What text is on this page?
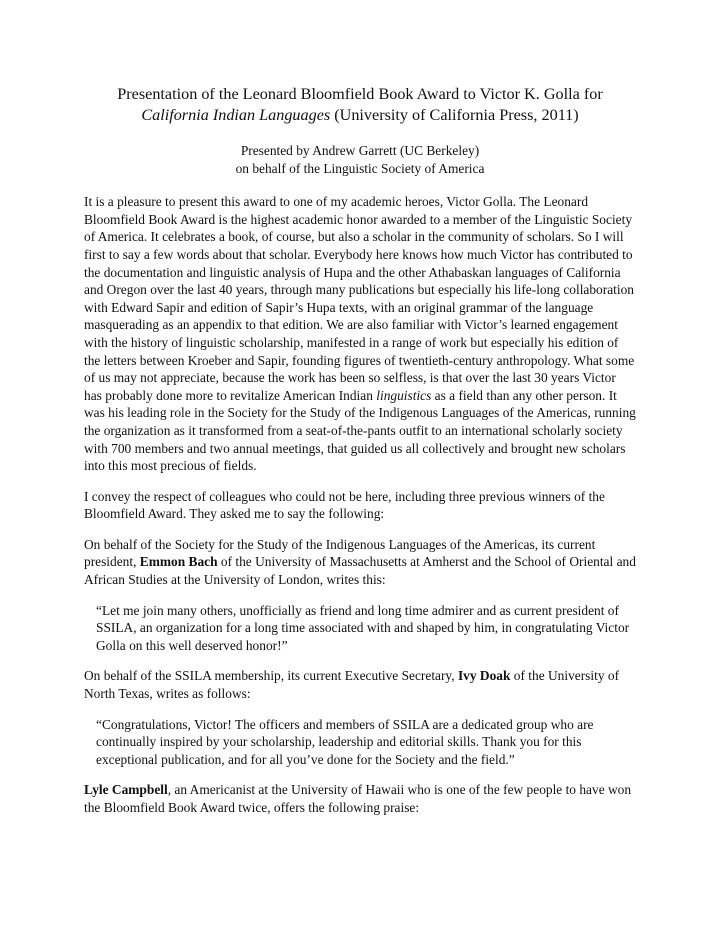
Presentation of the Leonard Bloomfield Book Award to Victor K. Golla for
California Indian Languages (University of California Press, 2011)
Presented by Andrew Garrett (UC Berkeley)
on behalf of the Linguistic Society of America

It is a pleasure to present this award to one of my academic heroes, Victor Golla. The Leonard Bloomfield Book Award is the highest academic honor awarded to a member of the Linguistic Society of America. It celebrates a book, of course, but also a scholar in the community of scholars. So I will first to say a few words about that scholar. Everybody here knows how much Victor has contributed to the documentation and linguistic analysis of Hupa and the other Athabaskan languages of California and Oregon over the last 40 years, through many publications but especially his life-long collaboration with Edward Sapir and edition of Sapir’s Hupa texts, with an original grammar of the language masquerading as an appendix to that edition. We are also familiar with Victor’s learned engagement with the history of linguistic scholarship, manifested in a range of work but especially his edition of the letters between Kroeber and Sapir, founding figures of twentieth-century anthropology. What some of us may not appreciate, because the work has been so selfless, is that over the last 30 years Victor has probably done more to revitalize American Indian linguistics as a field than any other person. It was his leading role in the Society for the Study of the Indigenous Languages of the Americas, running the organization as it transformed from a seat-of-the-pants outfit to an international scholarly society with 700 members and two annual meetings, that guided us all collectively and brought new scholars into this most precious of fields.

I convey the respect of colleagues who could not be here, including three previous winners of the Bloomfield Award. They asked me to say the following:

On behalf of the Society for the Study of the Indigenous Languages of the Americas, its current president, Emmon Bach of the University of Massachusetts at Amherst and the School of Oriental and African Studies at the University of London, writes this:

“Let me join many others, unofficially as friend and long time admirer and as current president of SSILA, an organization for a long time associated with and shaped by him, in congratulating Victor Golla on this well deserved honor!”

On behalf of the SSILA membership, its current Executive Secretary, Ivy Doak of the University of North Texas, writes as follows:

“Congratulations, Victor! The officers and members of SSILA are a dedicated group who are continually inspired by your scholarship, leadership and editorial skills. Thank you for this exceptional publication, and for all you’ve done for the Society and the field.”

Lyle Campbell, an Americanist at the University of Hawaii who is one of the few people to have won the Bloomfield Book Award twice, offers the following praise:
